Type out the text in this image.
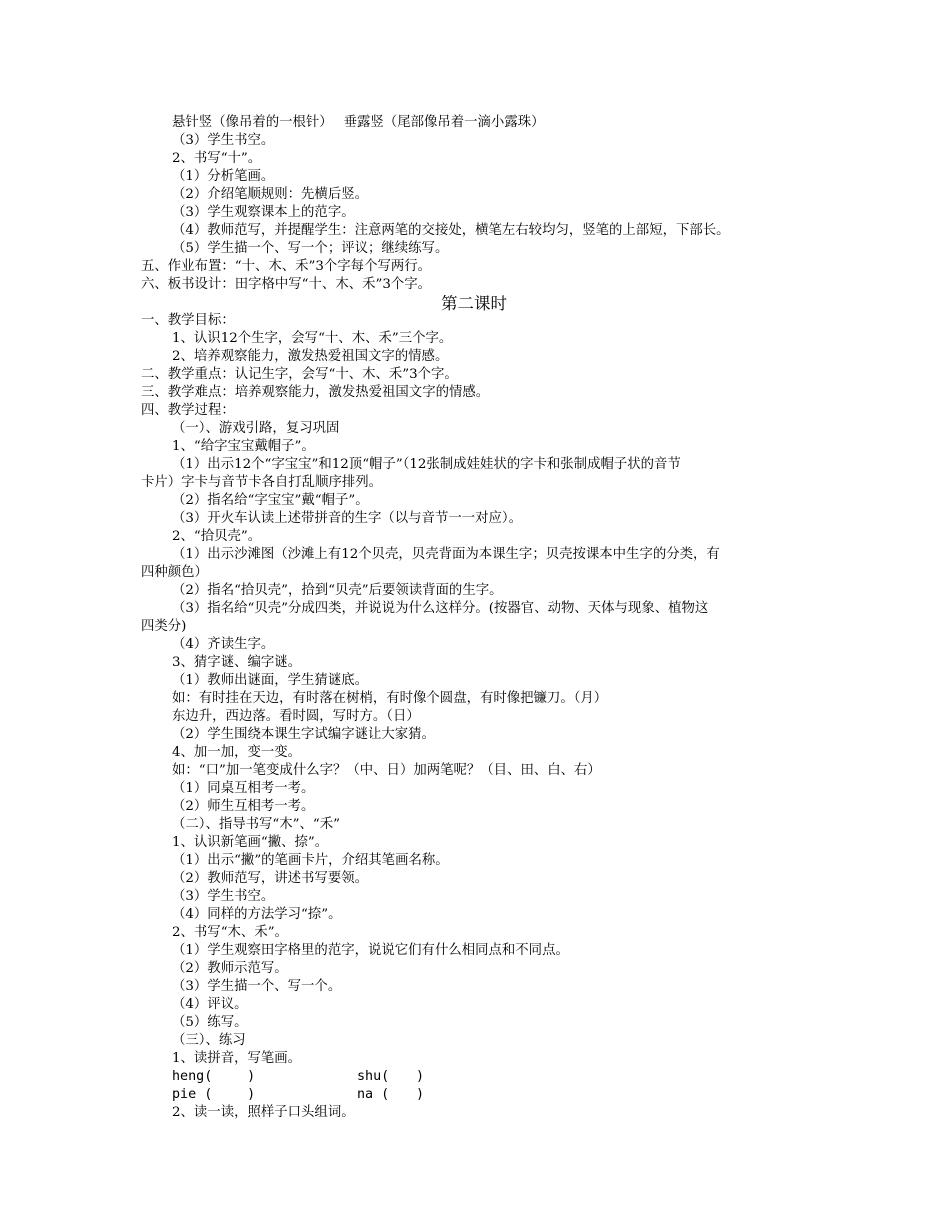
悬针竖（像吊着的一根针）　 垂露竖（尾部像吊着一滴小露珠）
（3）学生书空。
2、书写“十”。
（1）分析笔画。
（2）介绍笔顺规则：先横后竖。
（3）学生观察课本上的范字。
（4）教师范写，并提醒学生：注意两笔的交接处，横笔左右较均匀，竖笔的上部短，下部长。
（5）学生描一个、写一个；评议；继续练写。
五、作业布置：“十、木、禾”3个字每个写两行。
六、板书设计：田字格中写“十、木、禾”3个字。
第二课时
一、教学目标：
1、认识12个生字，会写“十、木、禾”三个字。
2、培养观察能力，激发热爱祖国文字的情感。
二、教学重点：认记生字，会写“十、木、禾”3个字。
三、教学难点：培养观察能力，激发热爱祖国文字的情感。
四、教学过程：
（一）、游戏引路，复习巩固
1、“给字宝宝戴帽子”。
（1）出示12个“字宝宝”和12顶“帽子”（12张制成娃娃状的字卡和张制成帽子状的音节
卡片）字卡与音节卡各自打乱顺序排列。
（2）指名给“字宝宝”戴“帽子”。
（3）开火车认读上述带拼音的生字（以与音节一一对应）。
2、“拾贝壳”。
（1）出示沙滩图（沙滩上有12个贝壳，贝壳背面为本课生字；贝壳按课本中生字的分类，有
四种颜色）
（2）指名“拾贝壳”，拾到“贝壳”后要领读背面的生字。
（3）指名给“贝壳”分成四类，并说说为什么这样分。(按器官、动物、天体与现象、植物这
四类分)
（4）齐读生字。
3、猜字谜、编字谜。
（1）教师出谜面，学生猜谜底。
如：有时挂在天边，有时落在树梢，有时像个圆盘，有时像把镰刀。（月）
东边升，西边落。看时圆，写时方。（日）
（2）学生围绕本课生字试编字谜让大家猜。
4、加一加，变一变。
如：“口”加一笔变成什么字？（中、日）加两笔呢？（目、田、白、右）
（1）同桌互相考一考。
（2）师生互相考一考。
（二）、指导书写“木”、“禾”
1、认识新笔画“撇、捺”。
（1）出示“撇”的笔画卡片，介绍其笔画名称。
（2）教师范写，讲述书写要领。
（3）学生书空。
（4）同样的方法学习“捺”。
2、书写“木、禾”。
（1）学生观察田字格里的范字，说说它们有什么相同点和不同点。
（2）教师示范写。
（3）学生描一个、写一个。
（4）评议。
（5）练写。
（三）、练习
1、读拼音，写笔画。
heng(　　 )	shu(　　)
pie (　　 )	na (　　)
2、读一读，照样子口头组词。
